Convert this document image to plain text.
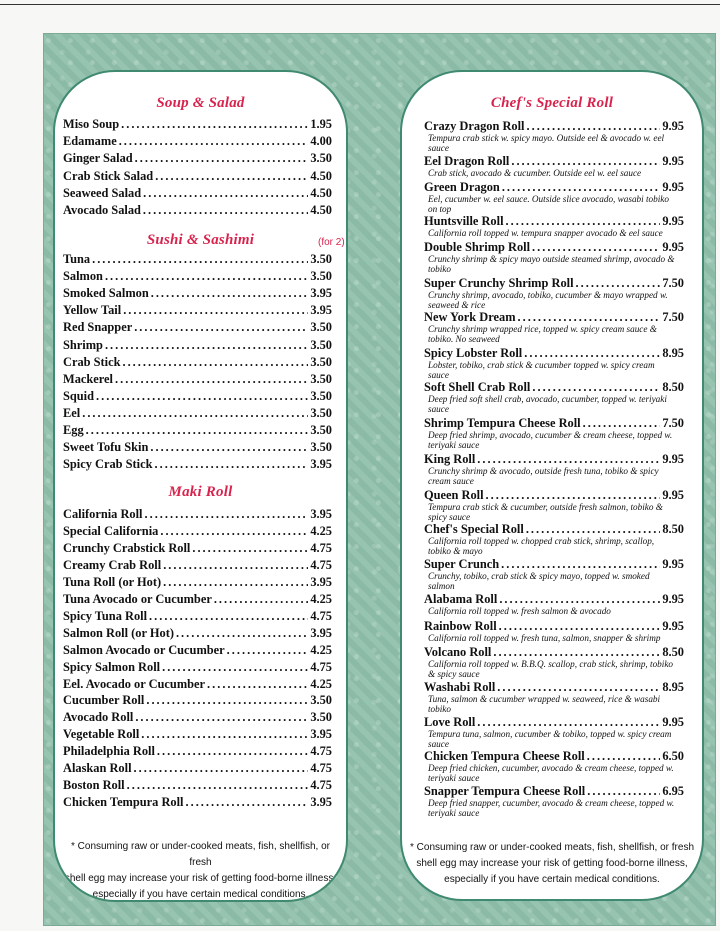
Soup & Salad
Miso Soup .....	1.95
Edamame .....	4.00
Ginger Salad .....	3.50
Crab Stick Salad .....	4.50
Seaweed Salad .....	4.50
Avocado Salad .....	4.50
Sushi & Sashimi	(for 2)
Tuna .....	3.50
Salmon .....	3.50
Smoked Salmon .....	3.95
Yellow Tail .....	3.95
Red Snapper .....	3.50
Shrimp .....	3.50
Crab Stick .....	3.50
Mackerel .....	3.50
Squid .....	3.50
Eel .....	3.50
Egg .....	3.50
Sweet Tofu Skin .....	3.50
Spicy Crab Stick .....	3.95
Maki Roll
California Roll .....	3.95
Special California .....	4.25
Crunchy Crabstick Roll .....	4.75
Creamy Crab Roll .....	4.75
Tuna Roll (or Hot) .....	3.95
Tuna Avocado or Cucumber .....	4.25
Spicy Tuna Roll .....	4.75
Salmon Roll (or Hot) .....	3.95
Salmon Avocado or Cucumber .....	4.25
Spicy Salmon Roll .....	4.75
Eel. Avocado or Cucumber .....	4.25
Cucumber Roll .....	3.50
Avocado Roll .....	3.50
Vegetable Roll .....	3.95
Philadelphia Roll .....	4.75
Alaskan Roll .....	4.75
Boston Roll .....	4.75
Chicken Tempura Roll .....	3.95
* Consuming raw or under-cooked meats, fish, shellfish, or fresh
shell egg may increase your risk of getting food-borne illness,
especially if you have certain medical conditions.
Chef's Special Roll
Crazy Dragon Roll .....	9.95
Tempura crab stick w. spicy mayo. Outside eel & avocado w. eel sauce
Eel Dragon Roll .....	9.95
Crab stick, avocado & cucumber. Outside eel w. eel sauce
Green Dragon .....	9.95
Eel, cucumber w. eel sauce. Outside slice avocado, wasabi tobiko on top
Huntsville Roll .....	9.95
California roll topped w. tempura snapper avocado & eel sauce
Double Shrimp Roll .....	9.95
Crunchy shrimp & spicy mayo outside steamed shrimp, avocado & tobiko
Super Crunchy Shrimp Roll .....	7.50
Crunchy shrimp, avocado, tobiko, cucumber & mayo wrapped w. seaweed & rice
New York Dream .....	7.50
Crunchy shrimp wrapped rice, topped w. spicy cream sauce & tobiko. No seaweed
Spicy Lobster Roll .....	8.95
Lobster, tobiko, crab stick & cucumber topped w. spicy cream sauce
Soft Shell Crab Roll .....	8.50
Deep fried soft shell crab, avocado, cucumber, topped w. teriyaki sauce
Shrimp Tempura Cheese Roll .....	7.50
Deep fried shrimp, avocado, cucumber & cream cheese, topped w. teriyaki sauce
King Roll .....	9.95
Crunchy shrimp & avocado, outside fresh tuna, tobiko & spicy cream sauce
Queen Roll .....	9.95
Tempura crab stick & cucumber, outside fresh salmon, tobiko & spicy sauce
Chef's Special Roll .....	8.50
California roll topped w. chopped crab stick, shrimp, scallop, tobiko & mayo
Super Crunch .....	9.95
Crunchy, tobiko, crab stick & spicy mayo, topped w. smoked salmon
Alabama Roll .....	9.95
California roll topped w. fresh salmon & avocado
Rainbow Roll .....	9.95
California roll topped w. fresh tuna, salmon, snapper & shrimp
Volcano Roll .....	8.50
California roll topped w. B.B.Q. scallop, crab stick, shrimp, tobiko & spicy sauce
Washabi Roll .....	8.95
Tuna, salmon & cucumber wrapped w. seaweed, rice & wasabi tobiko
Love Roll .....	9.95
Tempura tuna, salmon, cucumber & tobiko, topped w. spicy cream sauce
Chicken Tempura Cheese Roll .....	6.50
Deep fried chicken, cucumber, avocado & cream cheese, topped w. teriyaki sauce
Snapper Tempura Cheese Roll .....	6.95
Deep fried snapper, cucumber, avocado & cream cheese, topped w. teriyaki sauce
* Consuming raw or under-cooked meats, fish, shellfish, or fresh
shell egg may increase your risk of getting food-borne illness,
especially if you have certain medical conditions.
